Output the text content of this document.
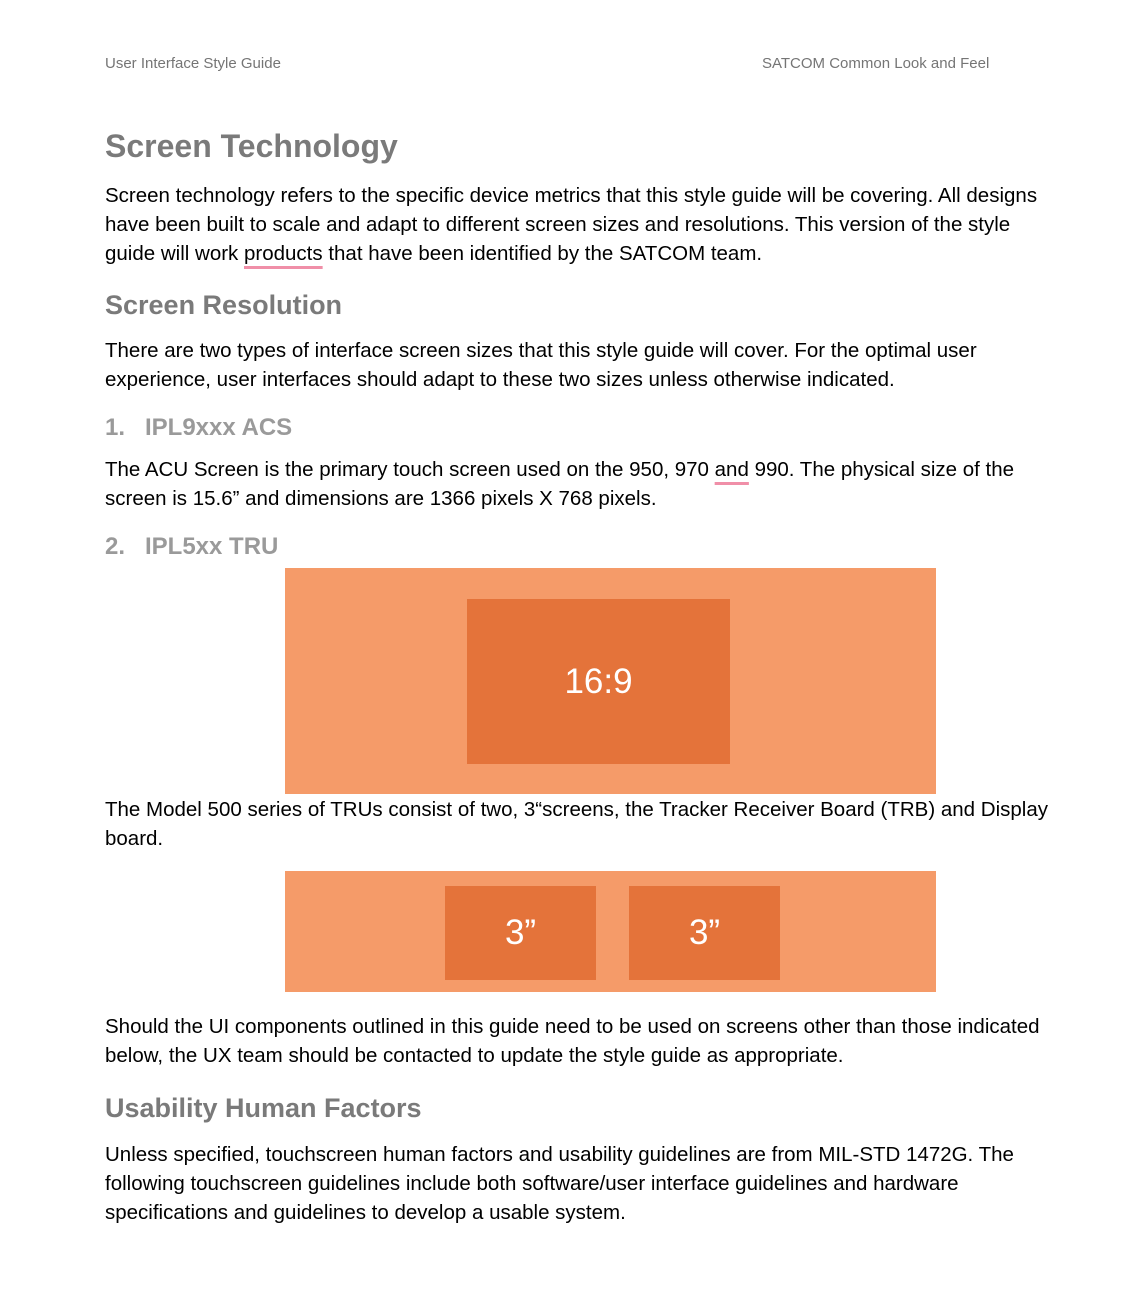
User Interface Style Guide	SATCOM Common Look and Feel
Screen Technology

Screen technology refers to the specific device metrics that this style guide will be covering. All designs have been built to scale and adapt to different screen sizes and resolutions. This version of the style guide will work products that have been identified by the SATCOM team.

Screen Resolution

There are two types of interface screen sizes that this style guide will cover. For the optimal user experience, user interfaces should adapt to these two sizes unless otherwise indicated.

1. IPL9xxx ACS

The ACU Screen is the primary touch screen used on the 950, 970 and 990. The physical size of the screen is 15.6” and dimensions are 1366 pixels X 768 pixels.

2. IPL5xx TRU
16:9

The Model 500 series of TRUs consist of two, 3“screens, the Tracker Receiver Board (TRB) and Display board.

3”	3”

Should the UI components outlined in this guide need to be used on screens other than those indicated below, the UX team should be contacted to update the style guide as appropriate.

Usability Human Factors

Unless specified, touchscreen human factors and usability guidelines are from MIL-STD 1472G. The following touchscreen guidelines include both software/user interface guidelines and hardware specifications and guidelines to develop a usable system.
